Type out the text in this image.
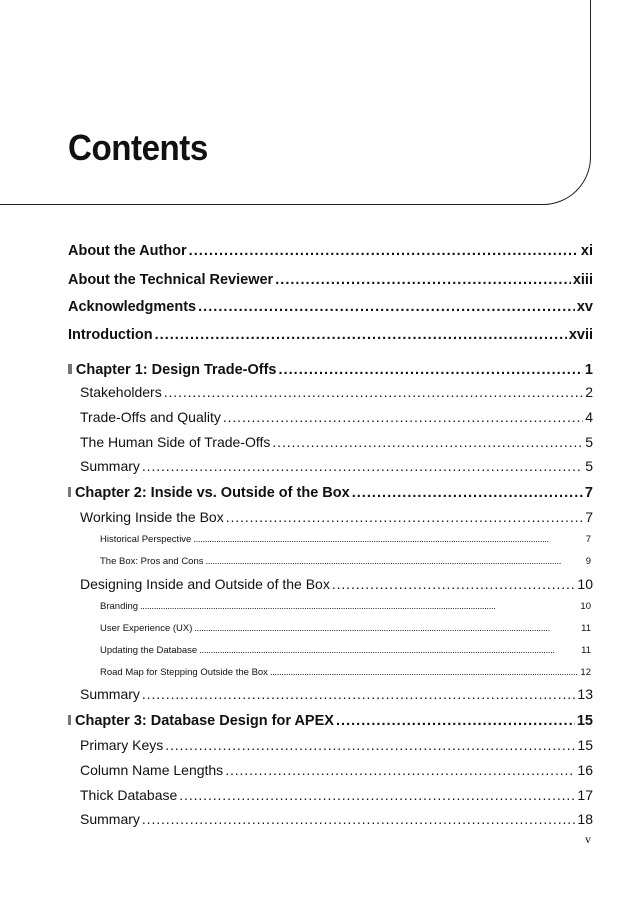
Contents
About the Author . . .	xi
About the Technical Reviewer . . .	xiii
Acknowledgments . . .	xv
Introduction . . .	xvii
Chapter 1: Design Trade-Offs . . .	1
Stakeholders . . .	2
Trade-Offs and Quality . . .	4
The Human Side of Trade-Offs . . .	5
Summary . . .	5
Chapter 2: Inside vs. Outside of the Box . . .	7
Working Inside the Box . . .	7
Historical Perspective . . .	7
The Box: Pros and Cons . . .	9
Designing Inside and Outside of the Box . . .	10
Branding . . .	10
User Experience (UX) . . .	11
Updating the Database . . .	11
Road Map for Stepping Outside the Box . . .	12
Summary . . .	13
Chapter 3: Database Design for APEX . . .	15
Primary Keys . . .	15
Column Name Lengths . . .	16
Thick Database . . .	17
Summary . . .	18
v
